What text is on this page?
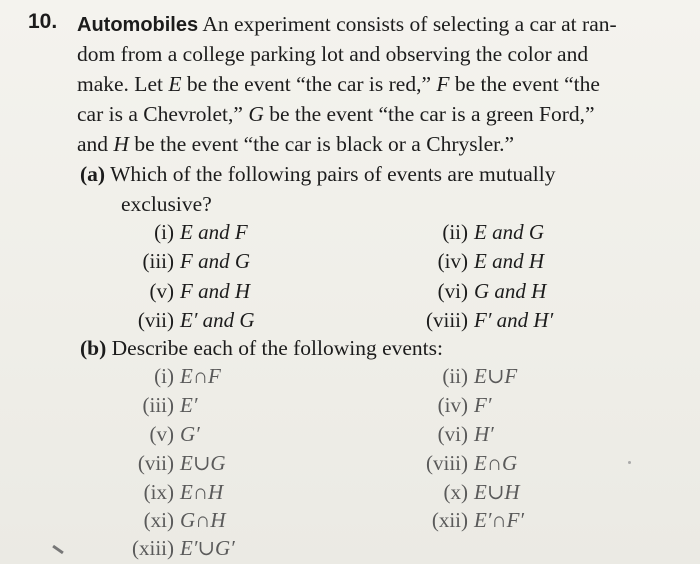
10. Automobiles An experiment consists of selecting a car at ran-
dom from a college parking lot and observing the color and
make. Let E be the event “the car is red,” F be the event “the
car is a Chevrolet,” G be the event “the car is a green Ford,”
and H be the event “the car is black or a Chrysler.”
(a) Which of the following pairs of events are mutually
exclusive?
(i) E and F	(ii) E and G
(iii) F and G	(iv) E and H
(v) F and H	(vi) G and H
(vii) E′ and G	(viii) F′ and H′
(b) Describe each of the following events:
(i) E∩F	(ii) E∪F
(iii) E′	(iv) F′
(v) G′	(vi) H′
(vii) E∪G	(viii) E∩G
(ix) E∩H	(x) E∪H
(xi) G∩H	(xii) E′∩F′
(xiii) E′∪G′
